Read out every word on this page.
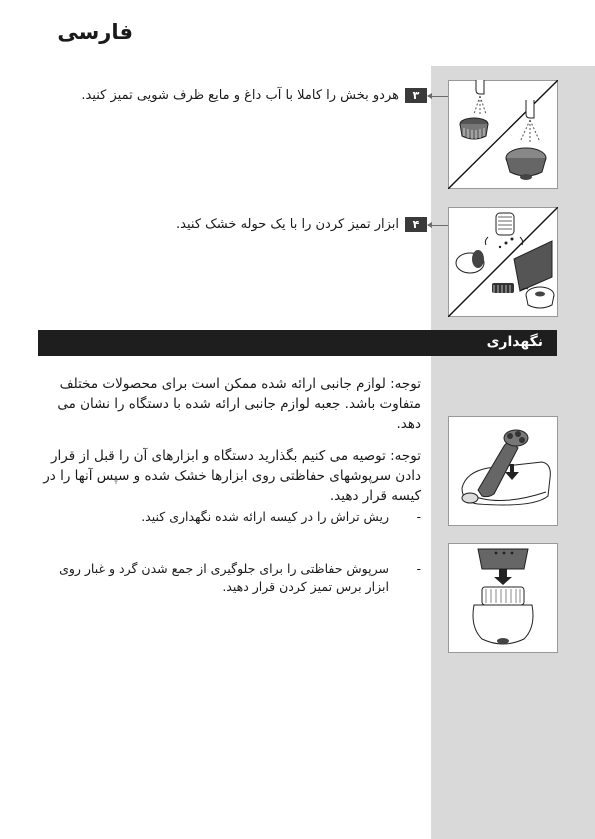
فارسی
۳
هردو بخش را کاملا با آب داغ و مایع ظرف شویی تمیز کنید.
۴
ابزار تمیز کردن را با یک حوله خشک کنید.
نگهداری
توجه: لوازم جانبی ارائه شده ممکن است برای محصولات مختلف متفاوت باشد. جعبه لوازم جانبی ارائه شده با دستگاه را نشان می دهد.
توجه: توصیه می کنیم بگذارید دستگاه و ابزارهای آن را قبل از قرار دادن سرپوشهای حفاظتی روی ابزارها خشک شده و سپس آنها را در کیسه قرار دهید.
-
ریش تراش را در کیسه ارائه شده نگهداری کنید.
-
سرپوش حفاظتی را برای جلوگیری از جمع شدن گرد و غبار روی ابزار برس تمیز کردن قرار دهید.
